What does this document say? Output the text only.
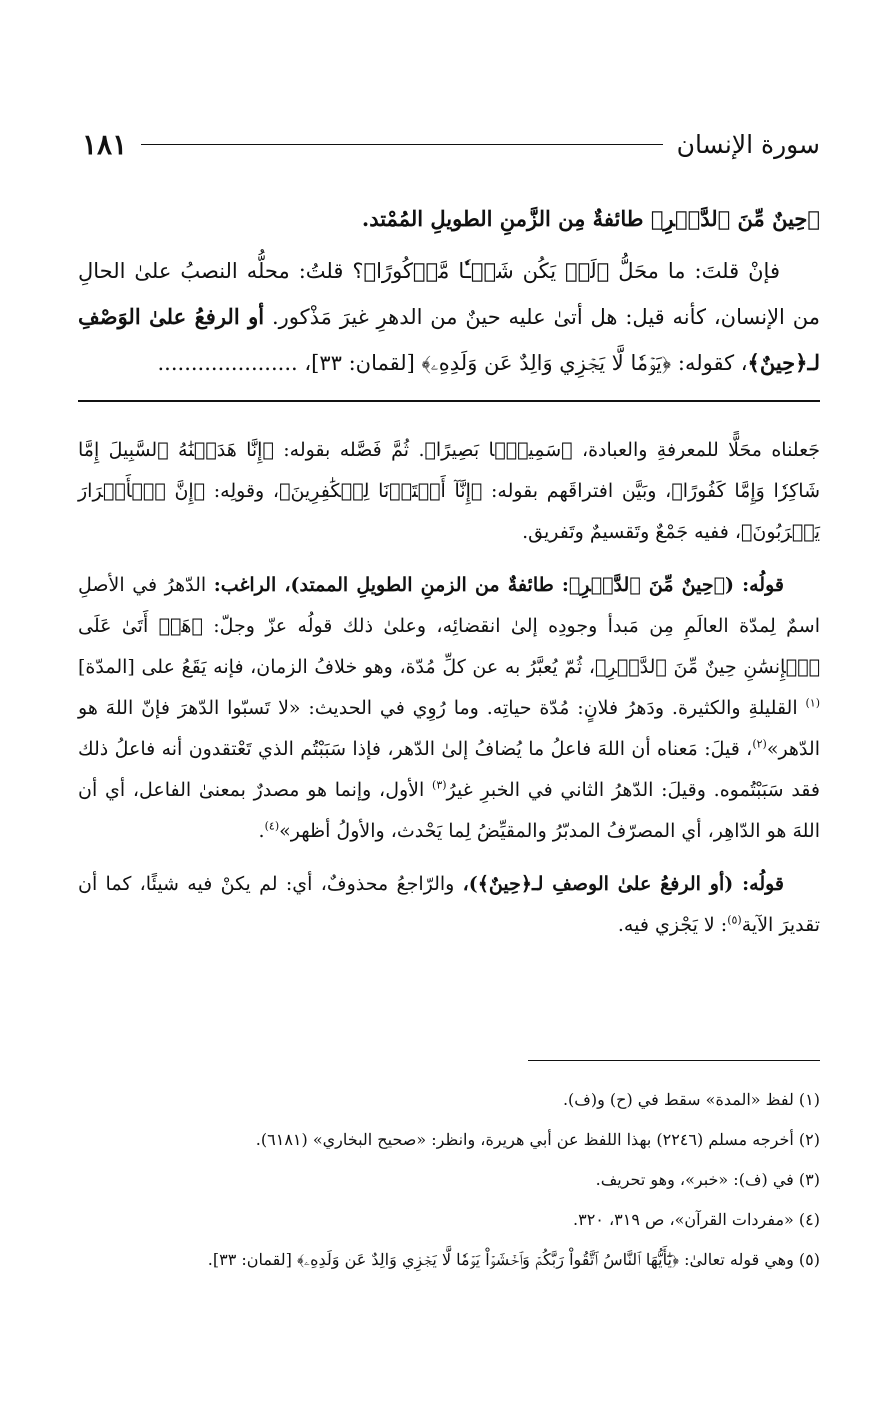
سورة الإنسان
١٨١

﴿حِينٌ مِّنَ ٱلدَّهۡرِ﴾ طائفةٌ مِن الزَّمنِ الطويلِ المُمْتد.

فإنْ قلتَ: ما محَلُّ ﴿لَمۡ يَكُن شَيۡـٔٗا مَّذۡكُورًا﴾؟ قلتُ: محلُّه النصبُ علىٰ الحالِ من الإنسان، كأنه قيل: هل أتىٰ عليه حينٌ من الدهرِ غيرَ مَذْكور. أو الرفعُ علىٰ الوَصْفِ لـ﴿حِينٌ﴾، كقوله: ﴿يَوۡمٗا لَّا يَجۡزِي وَالِدٌ عَن وَلَدِهِۦ﴾ [لقمان: ٣٣]، .....................

جَعلناه محَلًّا للمعرفةِ والعبادة، ﴿سَمِيعَۢا بَصِيرًا﴾. ثُمَّ فَصَّله بقوله: ﴿إِنَّا هَدَيۡنَٰهُ ٱلسَّبِيلَ إِمَّا شَاكِرٗا وَإِمَّا كَفُورًا﴾، وبَيَّن افتراقَهم بقوله: ﴿إِنَّآ أَعۡتَدۡنَا لِلۡكَٰفِرِينَ﴾، وقولِه: ﴿إِنَّ ٱلۡأَبۡرَارَ يَشۡرَبُونَ﴾، ففيه جَمْعٌ وتَقسيمٌ وتَفريق.

قولُه: (﴿حِينٌ مِّنَ ٱلدَّهۡرِ﴾: طائفةٌ من الزمنِ الطويلِ الممتد)، الراغب: الدّهرُ في الأصلِ اسمٌ لِمدّة العالَمِ مِن مَبدأ وجودِه إلىٰ انقضائِه، وعلىٰ ذلك قولُه عزّ وجلّ: ﴿هَلۡ أَتَىٰ عَلَى ٱلۡإِنسَٰنِ حِينٌ مِّنَ ٱلدَّهۡرِ﴾، ثُمّ يُعبَّرُ به عن كلِّ مُدّة، وهو خلافُ الزمان، فإنه يَقَعُ على [المدّة]$^{(١)}$ القليلةِ والكثيرة. ودَهرُ فلانٍ: مُدّة حياتِه. وما رُوِي في الحديث: «لا تَسبّوا الدّهرَ فإنّ اللهَ هو الدّهر»$^{(٢)}$، قيلَ: مَعناه أن اللهَ فاعلُ ما يُضافُ إلىٰ الدّهر، فإذا سَبَبْتُم الذي تَعْتقدون أنه فاعلُ ذلك فقد سَبَبْتُموه. وقيلَ: الدّهرُ الثاني في الخبرِ غيرُ$^{(٣)}$ الأول، وإنما هو مصدرٌ بمعنىٰ الفاعل، أي أن اللهَ هو الدّاهِر، أي المصرّفُ المدبّرُ والمقيِّضُ لِما يَحْدث، والأولُ أظهر»$^{(٤)}$.

قولُه: (أو الرفعُ علىٰ الوصفِ لـ﴿حِينٌ﴾)، والرّاجعُ محذوفٌ، أي: لم يكنْ فيه شيئًا، كما أن تقديرَ الآية$^{(٥)}$: لا يَجْزي فيه.

(١) لفظ «المدة» سقط في (ح) و(ف).

(٢) أخرجه مسلم (٢٢٤٦) بهذا اللفظ عن أبي هريرة، وانظر: «صحيح البخاري» (٦١٨١).

(٣) في (ف): «خبر»، وهو تحريف.

(٤) «مفردات القرآن»، ص ٣١٩، ٣٢٠.

(٥) وهي قوله تعالىٰ: ﴿يَٰٓأَيُّهَا ٱلنَّاسُ ٱتَّقُواْ رَبَّكُمۡ وَٱخۡشَوۡاْ يَوۡمٗا لَّا يَجۡزِي وَالِدٌ عَن وَلَدِهِۦ﴾ [لقمان: ٣٣].
